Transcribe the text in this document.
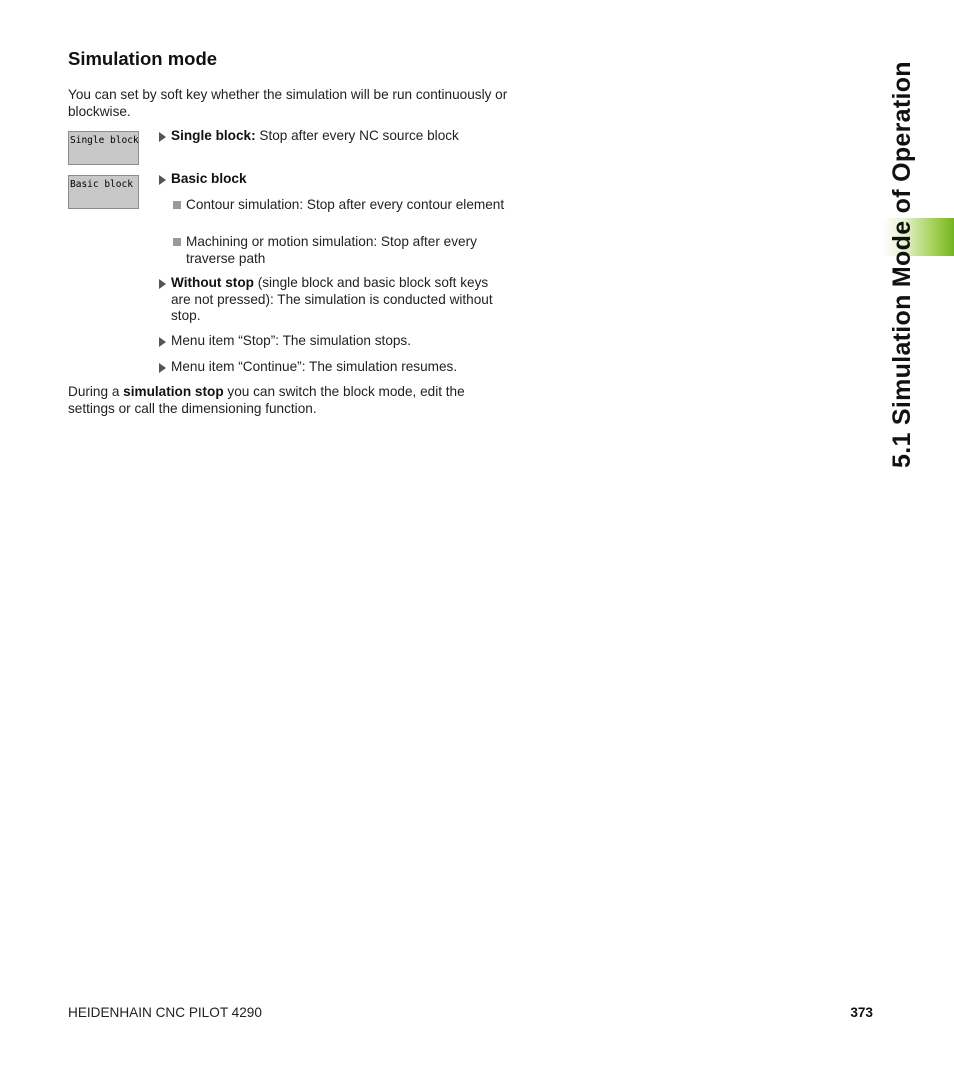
Simulation mode
You can set by soft key whether the simulation will be run continuously or blockwise.
Single block
Basic block
Single block: Stop after every NC source block
Basic block
Contour simulation: Stop after every contour element
Machining or motion simulation: Stop after every traverse path
Without stop (single block and basic block soft keys are not pressed): The simulation is conducted without stop.
Menu item “Stop”: The simulation stops.
Menu item “Continue”: The simulation resumes.
During a simulation stop you can switch the block mode, edit the settings or call the dimensioning function.	5.1 Simulation Mode of Operation
HEIDENHAIN CNC PILOT 4290	373
